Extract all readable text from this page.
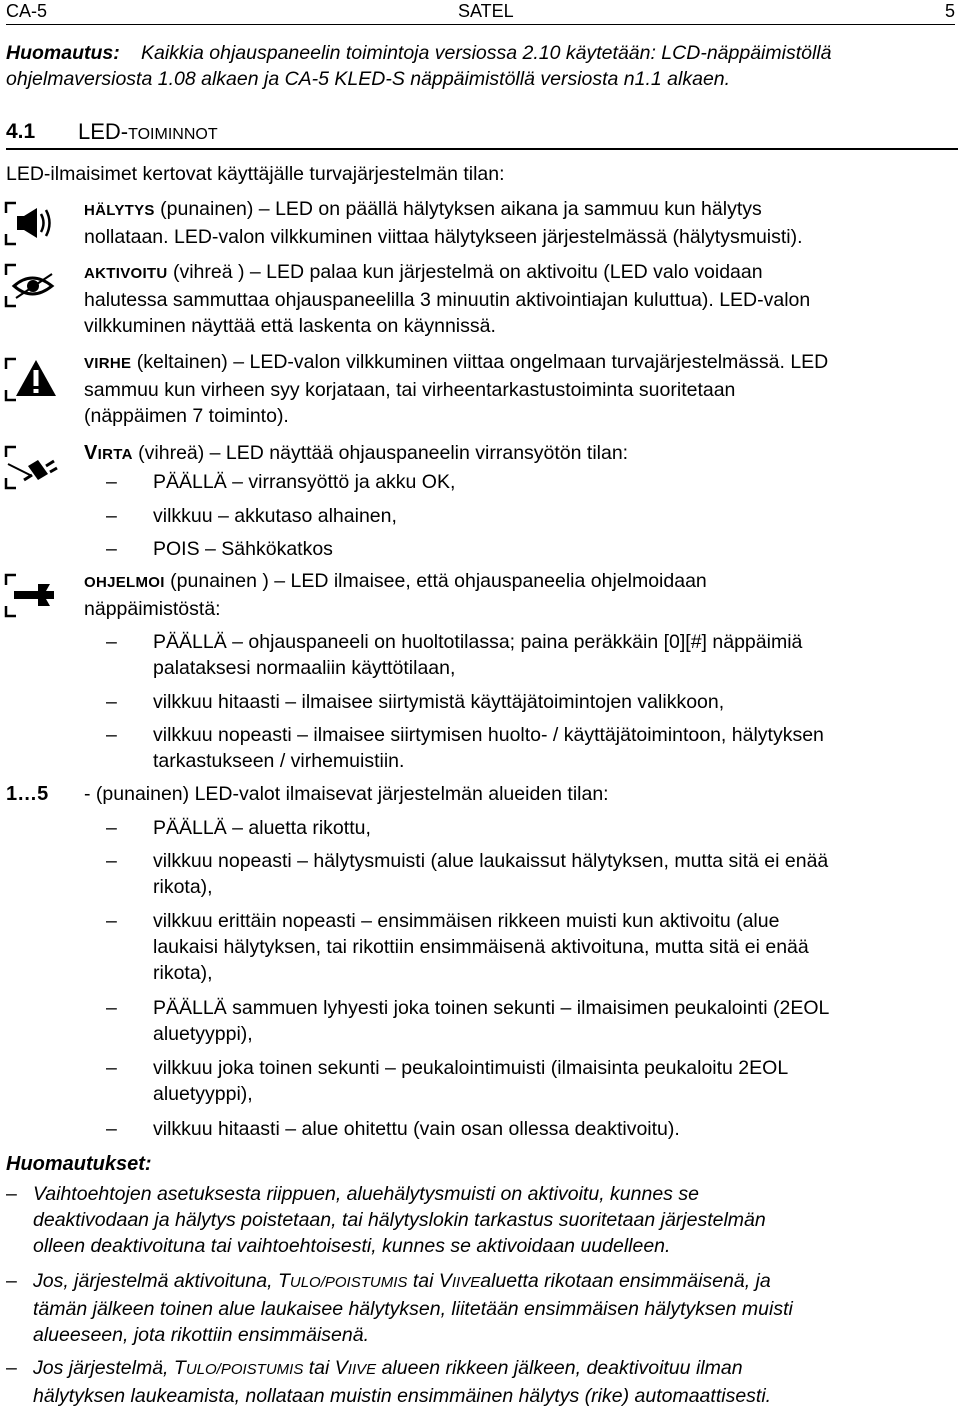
CA-5	SATEL	5
Huomautus: Kaikkia ohjauspaneelin toimintoja versiossa 2.10 käytetään: LCD-näppäimistöllä
ohjelmaversiosta 1.08 alkaen ja CA-5 KLED-S näppäimistöllä versiosta n1.1 alkaen.
4.1 LED-TOIMINNOT
LED-ilmaisimet kertovat käyttäjälle turvajärjestelmän tilan:
HÄLYTYS (punainen) – LED on päällä hälytyksen aikana ja sammuu kun hälytys
nollataan. LED-valon vilkkuminen viittaa hälytykseen järjestelmässä (hälytysmuisti).
AKTIVOITU (vihreä ) – LED palaa kun järjestelmä on aktivoitu (LED valo voidaan
halutessa sammuttaa ohjauspaneelilla 3 minuutin aktivointiajan kuluttua). LED-valon
vilkkuminen näyttää että laskenta on käynnissä.
VIRHE (keltainen) – LED-valon vilkkuminen viittaa ongelmaan turvajärjestelmässä. LED
sammuu kun virheen syy korjataan, tai virheentarkastustoiminta suoritetaan
(näppäimen 7 toiminto).
VIRTA (vihreä) – LED näyttää ohjauspaneelin virransyötön tilan:
–	PÄÄLLÄ – virransyöttö ja akku OK,
–	vilkkuu – akkutaso alhainen,
–	POIS – Sähkökatkos
OHJELMOI (punainen ) – LED ilmaisee, että ohjauspaneelia ohjelmoidaan
näppäimistöstä:
–	PÄÄLLÄ – ohjauspaneeli on huoltotilassa; paina peräkkäin [0][#] näppäimiä
palataksesi normaaliin käyttötilaan,
–	vilkkuu hitaasti – ilmaisee siirtymistä käyttäjätoimintojen valikkoon,
–	vilkkuu nopeasti – ilmaisee siirtymisen huolto- / käyttäjätoimintoon, hälytyksen
tarkastukseen / virhemuistiin.
1…5 - (punainen) LED-valot ilmaisevat järjestelmän alueiden tilan:
–	PÄÄLLÄ – aluetta rikottu,
–	vilkkuu nopeasti – hälytysmuisti (alue laukaissut hälytyksen, mutta sitä ei enää
rikota),
–	vilkkuu erittäin nopeasti – ensimmäisen rikkeen muisti kun aktivoitu (alue
laukaisi hälytyksen, tai rikottiin ensimmäisenä aktivoituna, mutta sitä ei enää
rikota),
–	PÄÄLLÄ sammuen lyhyesti joka toinen sekunti – ilmaisimen peukalointi (2EOL
aluetyyppi),
–	vilkkuu joka toinen sekunti – peukalointimuisti (ilmaisinta peukaloitu 2EOL
aluetyyppi),
–	vilkkuu hitaasti – alue ohitettu (vain osan ollessa deaktivoitu).
Huomautukset:
– Vaihtoehtojen asetuksesta riippuen, aluehälytysmuisti on aktivoitu, kunnes se
deaktivodaan ja hälytys poistetaan, tai hälytyslokin tarkastus suoritetaan järjestelmän
olleen deaktivoituna tai vaihtoehtoisesti, kunnes se aktivoidaan uudelleen.
– Jos, järjestelmä aktivoituna, TULO/POISTUMIS tai VIIVEaluetta rikotaan ensimmäisenä, ja
tämän jälkeen toinen alue laukaisee hälytyksen, liitetään ensimmäisen hälytyksen muisti
alueeseen, jota rikottiin ensimmäisenä.
– Jos järjestelmä, TULO/POISTUMIS tai VIIVE alueen rikkeen jälkeen, deaktivoituu ilman
hälytyksen laukeamista, nollataan muistin ensimmäinen hälytys (rike) automaattisesti.
